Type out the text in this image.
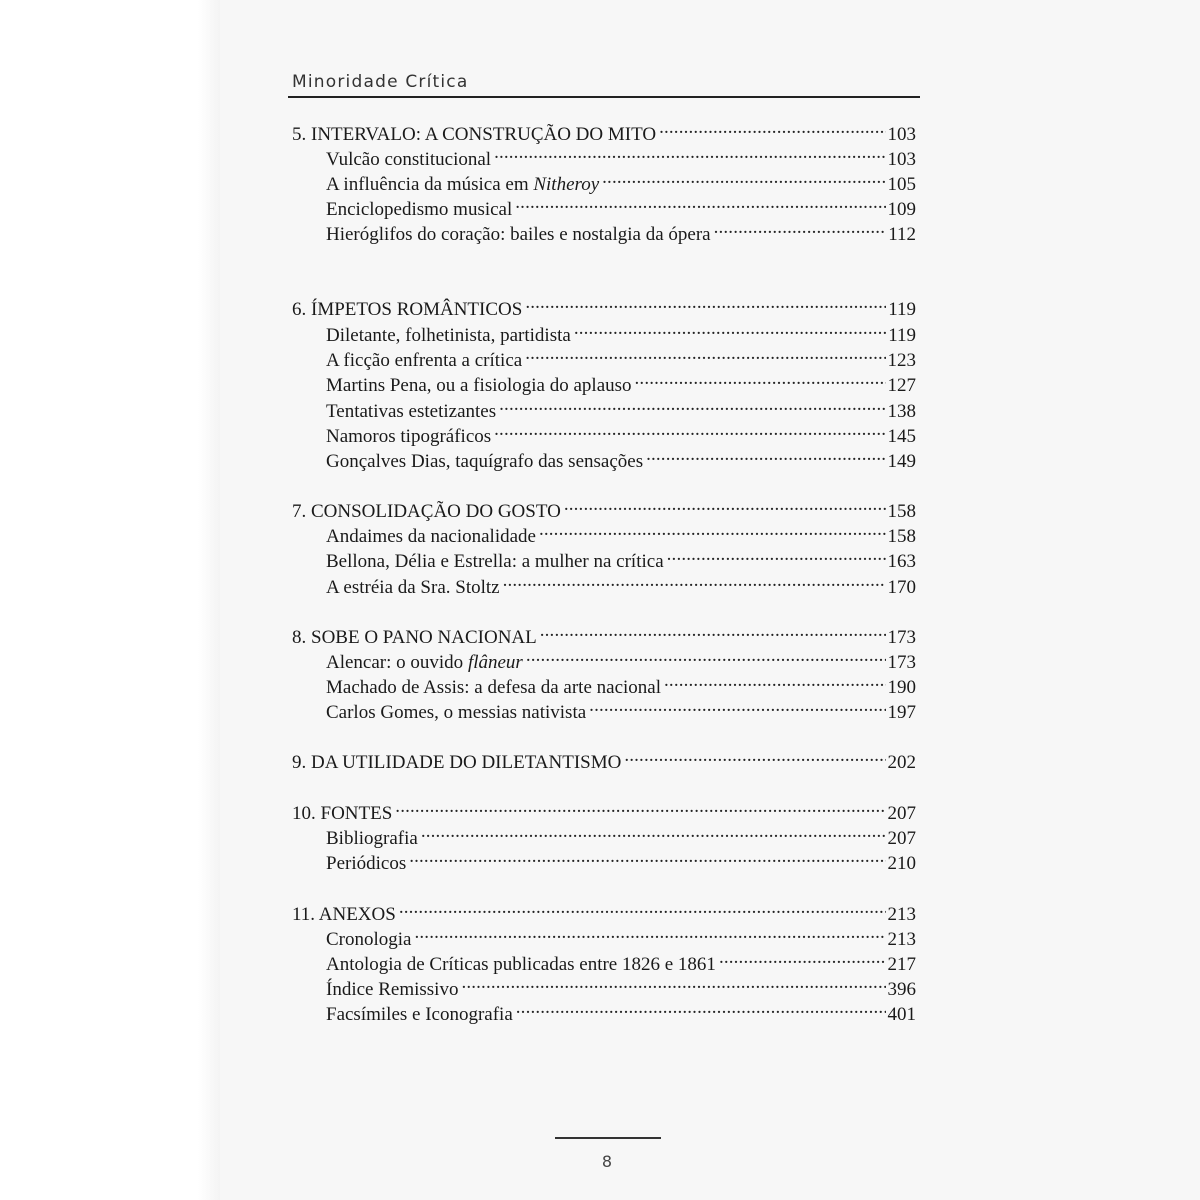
Minoridade Crítica
5. INTERVALO: A CONSTRUÇÃO DO MITO . . .	103
Vulcão constitucional . . .	103
A influência da música em Nitheroy . . .	105
Enciclopedismo musical . . .	109
Hieróglifos do coração: bailes e nostalgia da ópera . . .	112
6. ÍMPETOS ROMÂNTICOS . . .	119
Diletante, folhetinista, partidista . . .	119
A ficção enfrenta a crítica . . .	123
Martins Pena, ou a fisiologia do aplauso . . .	127
Tentativas estetizantes . . .	138
Namoros tipográficos . . .	145
Gonçalves Dias, taquígrafo das sensações . . .	149
7. CONSOLIDAÇÃO DO GOSTO . . .	158
Andaimes da nacionalidade . . .	158
Bellona, Délia e Estrella: a mulher na crítica . . .	163
A estréia da Sra. Stoltz . . .	170
8. SOBE O PANO NACIONAL . . .	173
Alencar: o ouvido flâneur . . .	173
Machado de Assis: a defesa da arte nacional . . .	190
Carlos Gomes, o messias nativista . . .	197
9. DA UTILIDADE DO DILETANTISMO . . .	202
10. FONTES . . .	207
Bibliografia . . .	207
Periódicos . . .	210
11. ANEXOS . . .	213
Cronologia . . .	213
Antologia de Críticas publicadas entre 1826 e 1861 . . .	217
Índice Remissivo . . .	396
Facsímiles e Iconografia . . .	401
8
